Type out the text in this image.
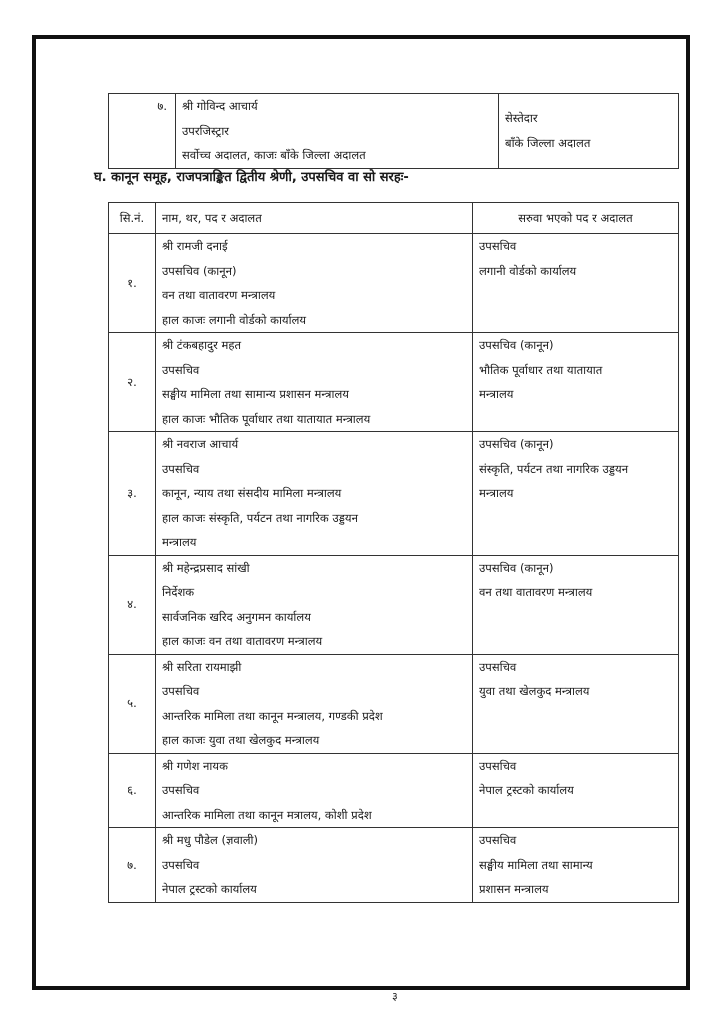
७.	श्री गोविन्द आचार्य
उपरजिस्ट्रार
सर्वोच्च अदालत, काजः बाँके जिल्ला अदालत

सेस्तेदार
बाँके जिल्ला अदालत
घ. कानून समूह, राजपत्राङ्कित द्वितीय श्रेणी, उपसचिव वा सो सरहः-
सि.नं.	नाम, थर, पद र अदालत	सरुवा भएको पद र अदालत
१.	श्री रामजी दनाई
उपसचिव (कानून)
वन तथा वातावरण मन्त्रालय
हाल काजः लगानी वोर्डको कार्यालय	उपसचिव
लगानी वोर्डको कार्यालय

२.	श्री टंकबहादुर महत
उपसचिव
सङ्घीय मामिला तथा सामान्य प्रशासन मन्त्रालय
हाल काजः भौतिक पूर्वाधार तथा यातायात मन्त्रालय	उपसचिव (कानून)
भौतिक पूर्वाधार तथा यातायात
मन्त्रालय

३.	श्री नवराज आचार्य
उपसचिव
कानून, न्याय तथा संसदीय मामिला मन्त्रालय
हाल काजः संस्कृति, पर्यटन तथा नागरिक उड्डयन
मन्त्रालय	उपसचिव (कानून)
संस्कृति, पर्यटन तथा नागरिक उड्डयन
मन्त्रालय

४.	श्री महेन्द्रप्रसाद सांखी
निर्देशक
सार्वजनिक खरिद अनुगमन कार्यालय
हाल काजः वन तथा वातावरण मन्त्रालय	उपसचिव (कानून)
वन तथा वातावरण मन्त्रालय

५.	श्री सरिता रायमाझी
उपसचिव
आन्तरिक मामिला तथा कानून मन्त्रालय, गण्डकी प्रदेश
हाल काजः युवा तथा खेलकुद मन्त्रालय	उपसचिव
युवा तथा खेलकुद मन्त्रालय

६.	श्री गणेश नायक
उपसचिव
आन्तरिक मामिला तथा कानून मत्रालय, कोशी प्रदेश	उपसचिव
नेपाल ट्रस्टको कार्यालय

७.	श्री मधु पौडेल (ज्ञवाली)
उपसचिव
नेपाल ट्रस्टको कार्यालय	उपसचिव
सङ्घीय मामिला तथा सामान्य
प्रशासन मन्त्रालय
३
